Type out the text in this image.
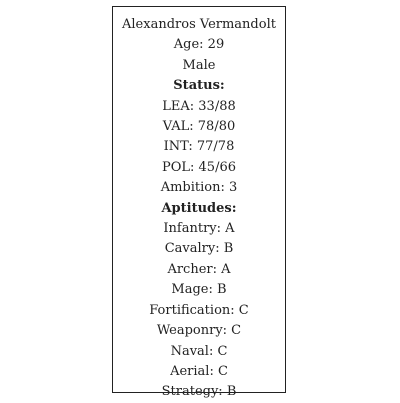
Alexandros Vermandolt
Age: 29
Male
Status:
LEA: 33/88
VAL: 78/80
INT: 77/78
POL: 45/66
Ambition: 3
Aptitudes:
Infantry: A
Cavalry: B
Archer: A
Mage: B
Fortification: C
Weaponry: C
Naval: C
Aerial: C
Strategy: B
